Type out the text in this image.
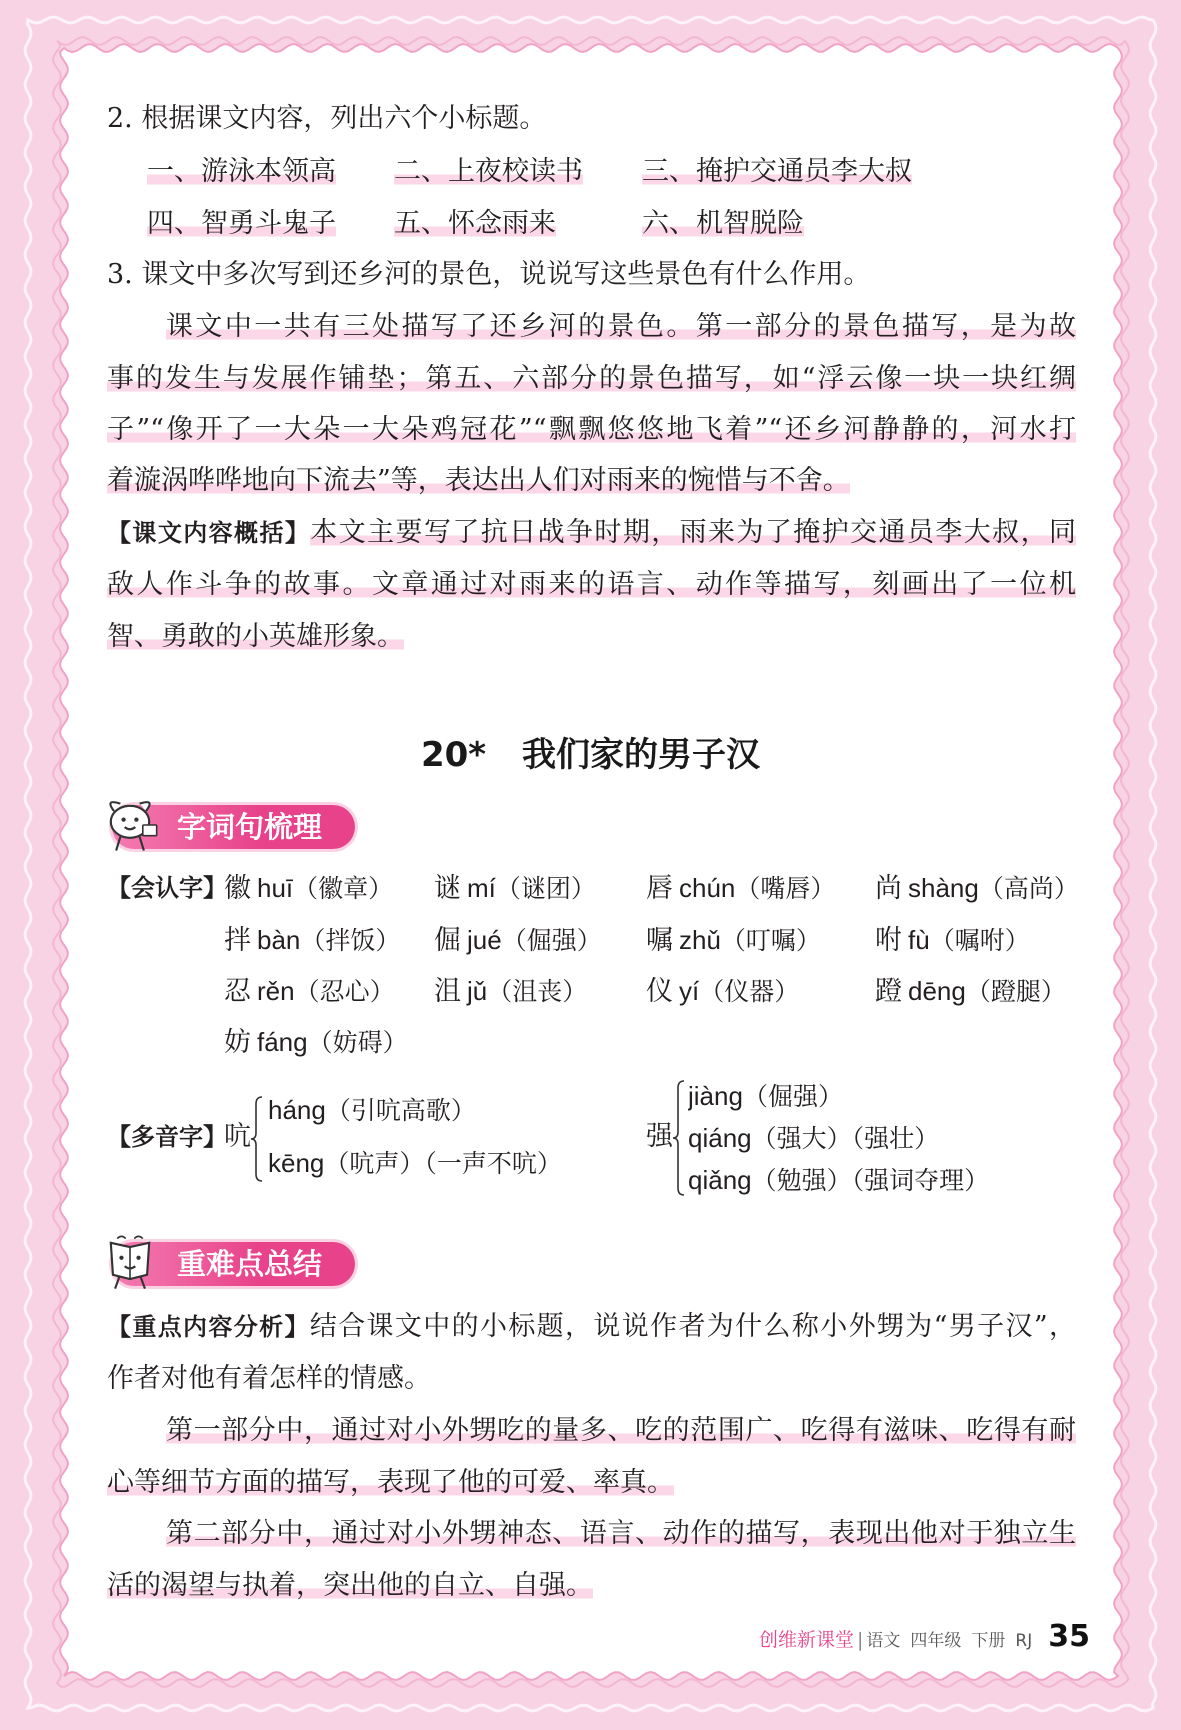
2. 根据课文内容，列出六个小标题。
一、游泳本领高 二、上夜校读书 三、掩护交通员李大叔
四、智勇斗鬼子 五、怀念雨来	六、机智脱险
3. 课文中多次写到还乡河的景色，说说写这些景色有什么作用。
课文中一共有三处描写了还乡河的景色。第一部分的景色描写，是为故
事的发生与发展作铺垫；第五、六部分的景色描写，如“浮云像一块一块红绸
子”“像开了一大朵一大朵鸡冠花”“飘飘悠悠地飞着”“还乡河静静的，河水打
着漩涡哗哗地向下流去”等，表达出人们对雨来的惋惜与不舍。
【课文内容概括】本文主要写了抗日战争时期，雨来为了掩护交通员李大叔，同
敌人作斗争的故事。文章通过对雨来的语言、动作等描写，刻画出了一位机
智、勇敢的小英雄形象。
20* 我们家的男子汉
字词句梳理
【会认字】
徽 huī（徽章） 谜 mí（谜团） 唇 chún（嘴唇） 尚 shàng（高尚）
拌 bàn（拌饭） 倔 jué（倔强） 嘱 zhǔ（叮嘱） 咐 fù（嘱咐）
忍 rěn（忍心） 沮 jǔ（沮丧） 仪 yí（仪器）	蹬 dēng（蹬腿）
妨 fáng（妨碍）
【多音字】
吭
háng（引吭高歌）
kēng（吭声）（一声不吭）
强
jiàng（倔强）
qiáng（强大）（强壮）
qiǎng（勉强）（强词夺理）
重难点总结
【重点内容分析】结合课文中的小标题，说说作者为什么称小外甥为“男子汉”，
作者对他有着怎样的情感。
第一部分中，通过对小外甥吃的量多、吃的范围广、吃得有滋味、吃得有耐
心等细节方面的描写，表现了他的可爱、率真。
第二部分中，通过对小外甥神态、语言、动作的描写，表现出他对于独立生
活的渴望与执着，突出他的自立、自强。
创维新课堂 | 语文 四年级 下册 RJ 35
